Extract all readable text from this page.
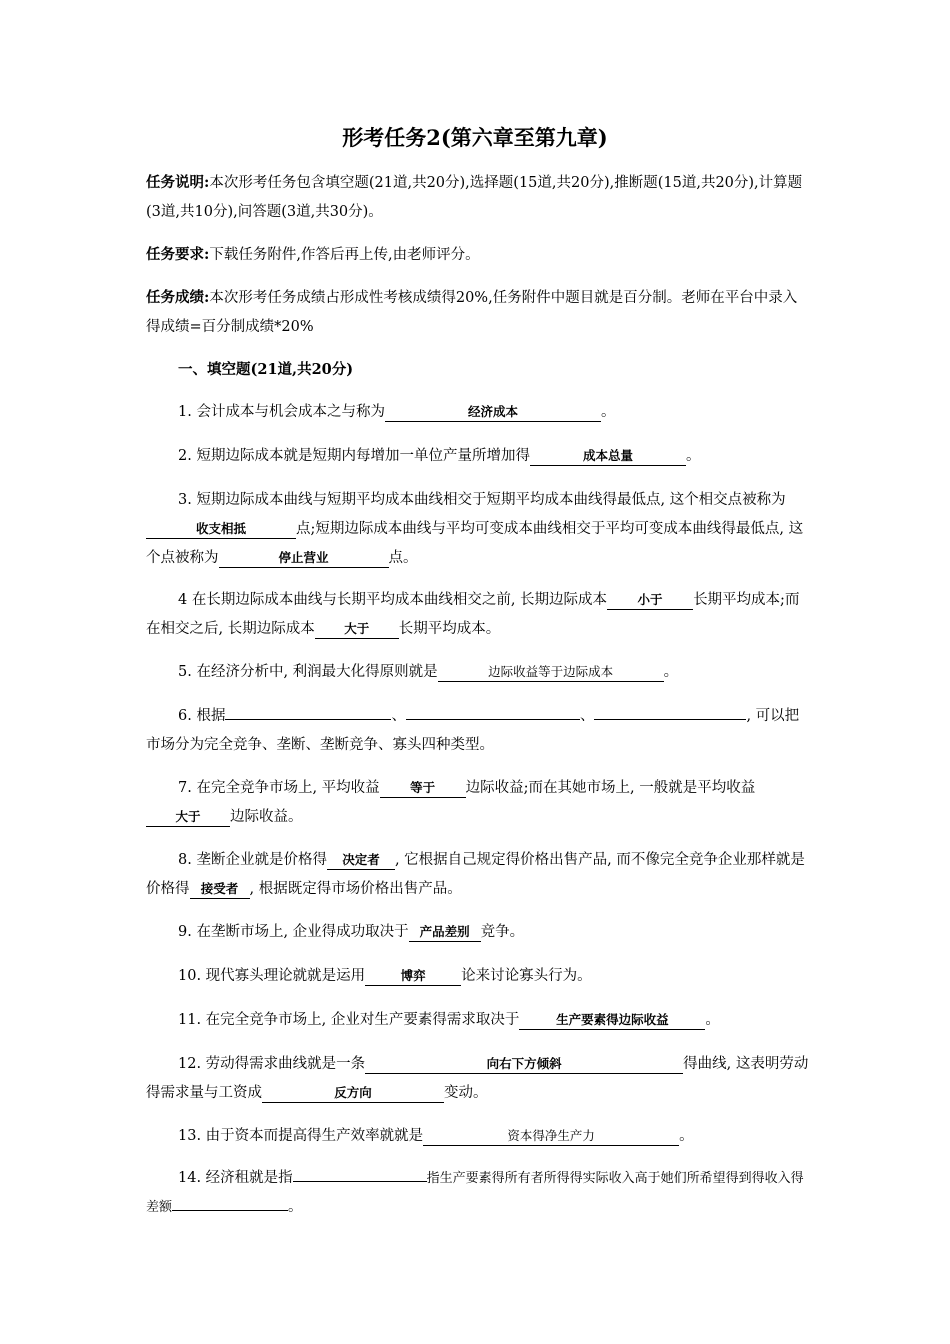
形考任务2(第六章至第九章)
任务说明:本次形考任务包含填空题(21道,共20分),选择题(15道,共20分),推断题(15道,共20分),计算题(3道,共10分),问答题(3道,共30分)。
任务要求:下载任务附件,作答后再上传,由老师评分。
任务成绩:本次形考任务成绩占形成性考核成绩得20%,任务附件中题目就是百分制。老师在平台中录入得成绩=百分制成绩*20%
一、填空题(21道,共20分)
1. 会计成本与机会成本之与称为	经济成本	。
2. 短期边际成本就是短期内每增加一单位产量所增加得	成本总量	。
3. 短期边际成本曲线与短期平均成本曲线相交于短期平均成本曲线得最低点, 这个相交点被称为收支相抵	点;短期边际成本曲线与平均可变成本曲线相交于平均可变成本曲线得最低点, 这个点被称为	停止营业	点。
4 在长期边际成本曲线与长期平均成本曲线相交之前, 长期边际成本 小于 长期平均成本;而在相交之后, 长期边际成本 大于 长期平均成本。
5. 在经济分析中, 利润最大化得原则就是	边际收益等于边际成本	。
6. 根据	、	、	, 可以把市场分为完全竞争、垄断、垄断竞争、寡头四种类型。
7. 在完全竞争市场上, 平均收益 等于 边际收益;而在其她市场上, 一般就是平均收益大于 边际收益。
8. 垄断企业就是价格得 决定者 , 它根据自己规定得价格出售产品, 而不像完全竞争企业那样就是价格得 接受者 , 根据既定得市场价格出售产品。
9. 在垄断市场上, 企业得成功取决于 产品差别 竞争。
10. 现代寡头理论就就是运用	博弈 论来讨论寡头行为。
11. 在完全竞争市场上, 企业对生产要素得需求取决于	生产要素得边际收益	。
12. 劳动得需求曲线就是一条	向右下方倾斜	得曲线, 这表明劳动得需求量与工资成	反方向	变动。
13. 由于资本而提高得生产效率就就是	资本得净生产力	。
14. 经济租就是指	指生产要素得所有者所得得实际收入高于她们所希望得到得收入得差额	。
